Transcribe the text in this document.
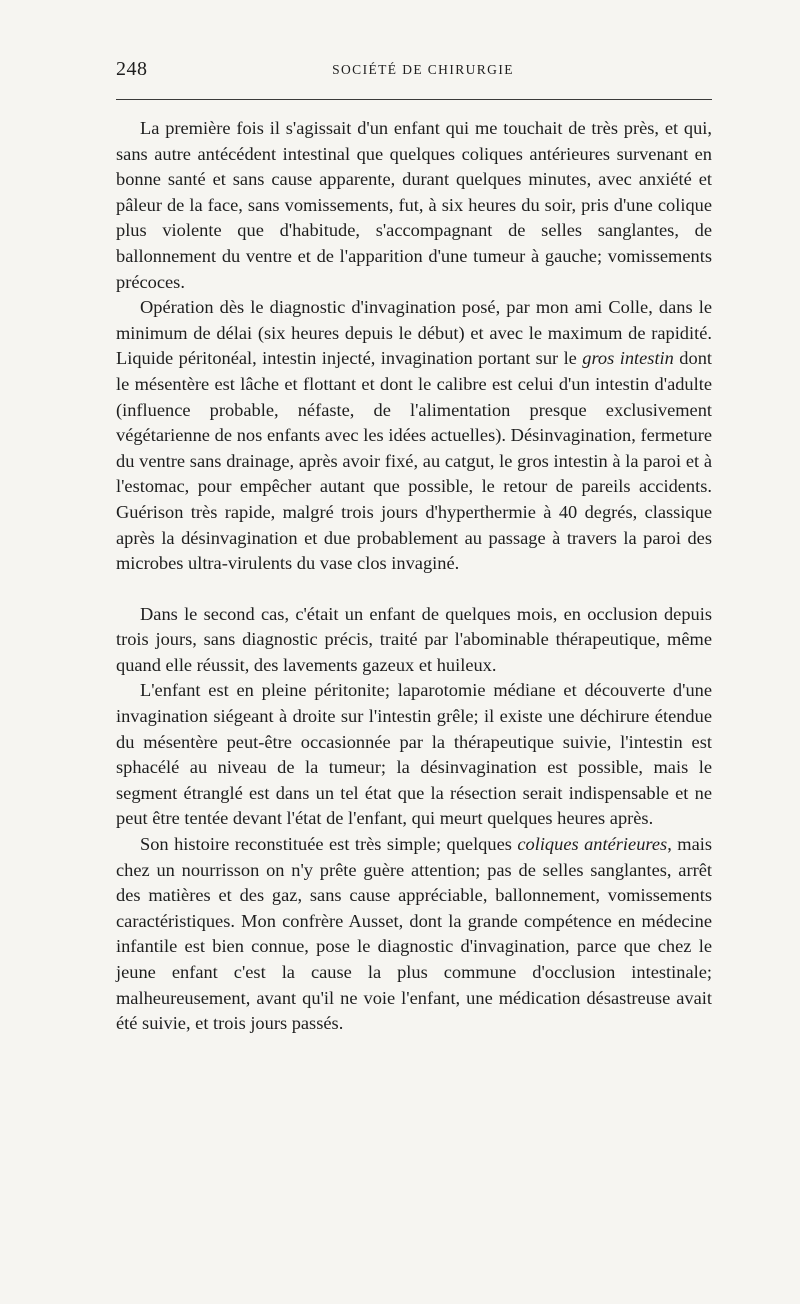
248	SOCIÉTÉ DE CHIRURGIE

La première fois il s'agissait d'un enfant qui me touchait de très près, et qui, sans autre antécédent intestinal que quelques coliques antérieures survenant en bonne santé et sans cause apparente, durant quelques minutes, avec anxiété et pâleur de la face, sans vomissements, fut, à six heures du soir, pris d'une colique plus violente que d'habitude, s'accompagnant de selles sanglantes, de ballonnement du ventre et de l'apparition d'une tumeur à gauche; vomissements précoces.

Opération dès le diagnostic d'invagination posé, par mon ami Colle, dans le minimum de délai (six heures depuis le début) et avec le maximum de rapidité. Liquide péritonéal, intestin injecté, invagination portant sur le gros intestin dont le mésentère est lâche et flottant et dont le calibre est celui d'un intestin d'adulte (influence probable, néfaste, de l'alimentation presque exclusivement végétarienne de nos enfants avec les idées actuelles). Désinvagination, fermeture du ventre sans drainage, après avoir fixé, au catgut, le gros intestin à la paroi et à l'estomac, pour empêcher autant que possible, le retour de pareils accidents. Guérison très rapide, malgré trois jours d'hyperthermie à 40 degrés, classique après la désinvagination et due probablement au passage à travers la paroi des microbes ultra-virulents du vase clos invaginé.

Dans le second cas, c'était un enfant de quelques mois, en occlusion depuis trois jours, sans diagnostic précis, traité par l'abominable thérapeutique, même quand elle réussit, des lavements gazeux et huileux.

L'enfant est en pleine péritonite; laparotomie médiane et découverte d'une invagination siégeant à droite sur l'intestin grêle; il existe une déchirure étendue du mésentère peut-être occasionnée par la thérapeutique suivie, l'intestin est sphacélé au niveau de la tumeur; la désinvagination est possible, mais le segment étranglé est dans un tel état que la résection serait indispensable et ne peut être tentée devant l'état de l'enfant, qui meurt quelques heures après.

Son histoire reconstituée est très simple; quelques coliques antérieures, mais chez un nourrisson on n'y prête guère attention; pas de selles sanglantes, arrêt des matières et des gaz, sans cause appréciable, ballonnement, vomissements caractéristiques. Mon confrère Ausset, dont la grande compétence en médecine infantile est bien connue, pose le diagnostic d'invagination, parce que chez le jeune enfant c'est la cause la plus commune d'occlusion intestinale; malheureusement, avant qu'il ne voie l'enfant, une médication désastreuse avait été suivie, et trois jours passés.
